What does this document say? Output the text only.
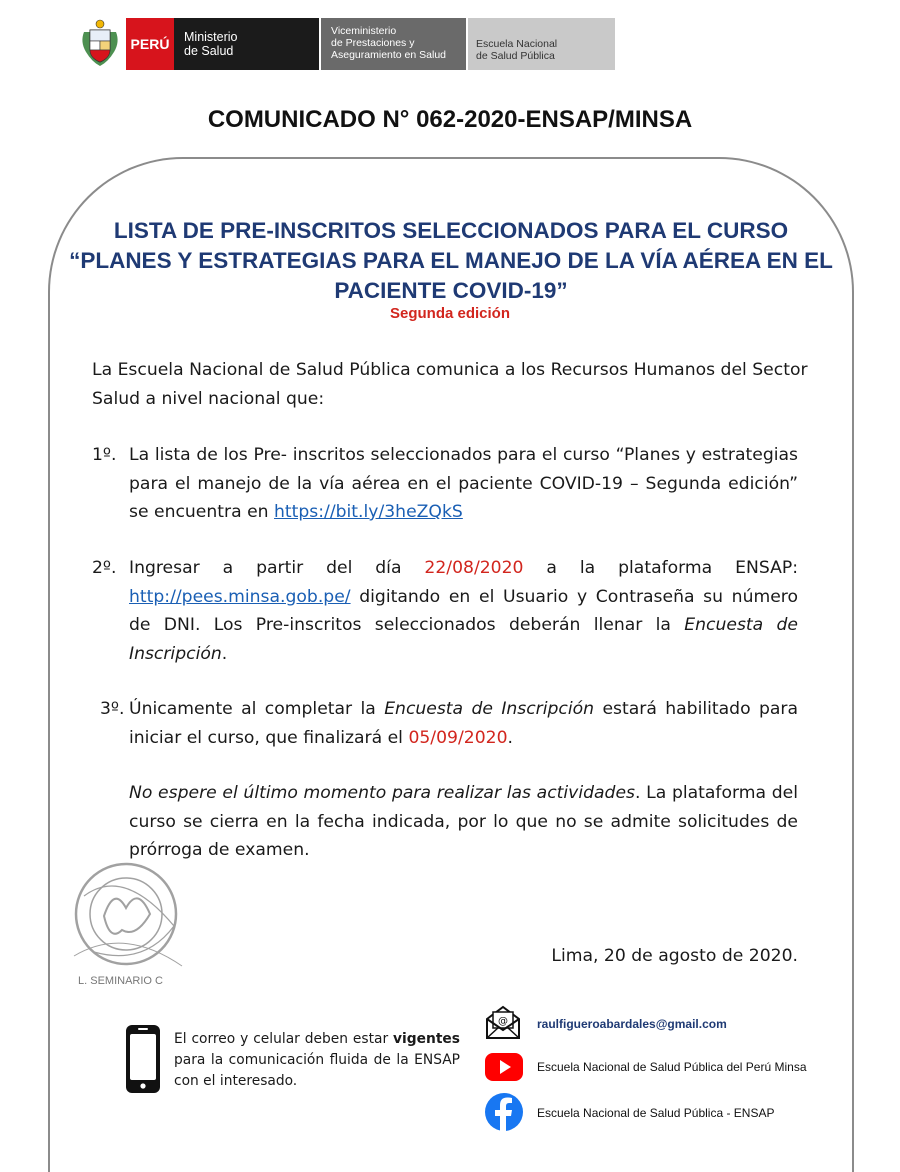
PERÚ	Ministerio
de Salud
Viceministerio
de Prestaciones y
Aseguramiento en Salud
Escuela Nacional
de Salud Pública
COMUNICADO N° 062-2020-ENSAP/MINSA
LISTA DE PRE-INSCRITOS SELECCIONADOS PARA EL CURSO “PLANES Y ESTRATEGIAS PARA EL MANEJO DE LA VÍA AÉREA EN EL PACIENTE COVID-19”
Segunda edición

La Escuela Nacional de Salud Pública comunica a los Recursos Humanos del Sector Salud a nivel nacional que:

1º. La lista de los Pre- inscritos seleccionados para el curso “Planes y estrategias para el manejo de la vía aérea en el paciente COVID-19 – Segunda edición” se encuentra en https://bit.ly/3heZQkS
2º. Ingresar a partir del día 22/08/2020 a la plataforma ENSAP: http://pees.minsa.gob.pe/ digitando en el Usuario y Contraseña su número de DNI. Los Pre-inscritos seleccionados deberán llenar la Encuesta de Inscripción.
3º. Únicamente al completar la Encuesta de Inscripción estará habilitado para iniciar el curso, que finalizará el 05/09/2020.

No espere el último momento para realizar las actividades. La plataforma del curso se cierra en la fecha indicada, por lo que no se admite solicitudes de prórroga de examen.

L. SEMINARIO C

Lima, 20 de agosto de 2020.

El correo y celular deben estar vigentes para la comunicación fluida de la ENSAP con el interesado.

@ raulfigueroabardales@gmail.com

Escuela Nacional de Salud Pública del Perú Minsa

Escuela Nacional de Salud Pública - ENSAP
